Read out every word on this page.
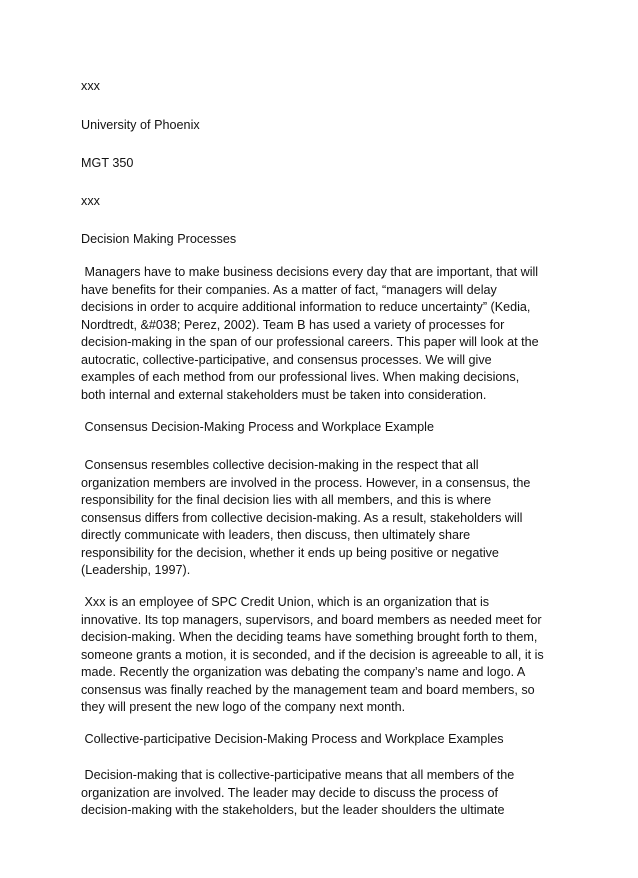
xxx
University of Phoenix
MGT 350
xxx
Decision Making Processes

Managers have to make business decisions every day that are important, that will

have benefits for their companies. As a matter of fact, “managers will delay

decisions in order to acquire additional information to reduce uncertainty” (Kedia,

Nordtredt, &#038; Perez, 2002). Team B has used a variety of processes for

decision-making in the span of our professional careers. This paper will look at the

autocratic, collective-participative, and consensus processes. We will give

examples of each method from our professional lives. When making decisions,

both internal and external stakeholders must be taken into consideration.

Consensus Decision-Making Process and Workplace Example

Consensus resembles collective decision-making in the respect that all

organization members are involved in the process. However, in a consensus, the

responsibility for the final decision lies with all members, and this is where

consensus differs from collective decision-making. As a result, stakeholders will

directly communicate with leaders, then discuss, then ultimately share

responsibility for the decision, whether it ends up being positive or negative

(Leadership, 1997).

Xxx is an employee of SPC Credit Union, which is an organization that is

innovative. Its top managers, supervisors, and board members as needed meet for

decision-making. When the deciding teams have something brought forth to them,

someone grants a motion, it is seconded, and if the decision is agreeable to all, it is

made. Recently the organization was debating the company’s name and logo. A

consensus was finally reached by the management team and board members, so

they will present the new logo of the company next month.

Collective-participative Decision-Making Process and Workplace Examples

Decision-making that is collective-participative means that all members of the

organization are involved. The leader may decide to discuss the process of

decision-making with the stakeholders, but the leader shoulders the ultimate
